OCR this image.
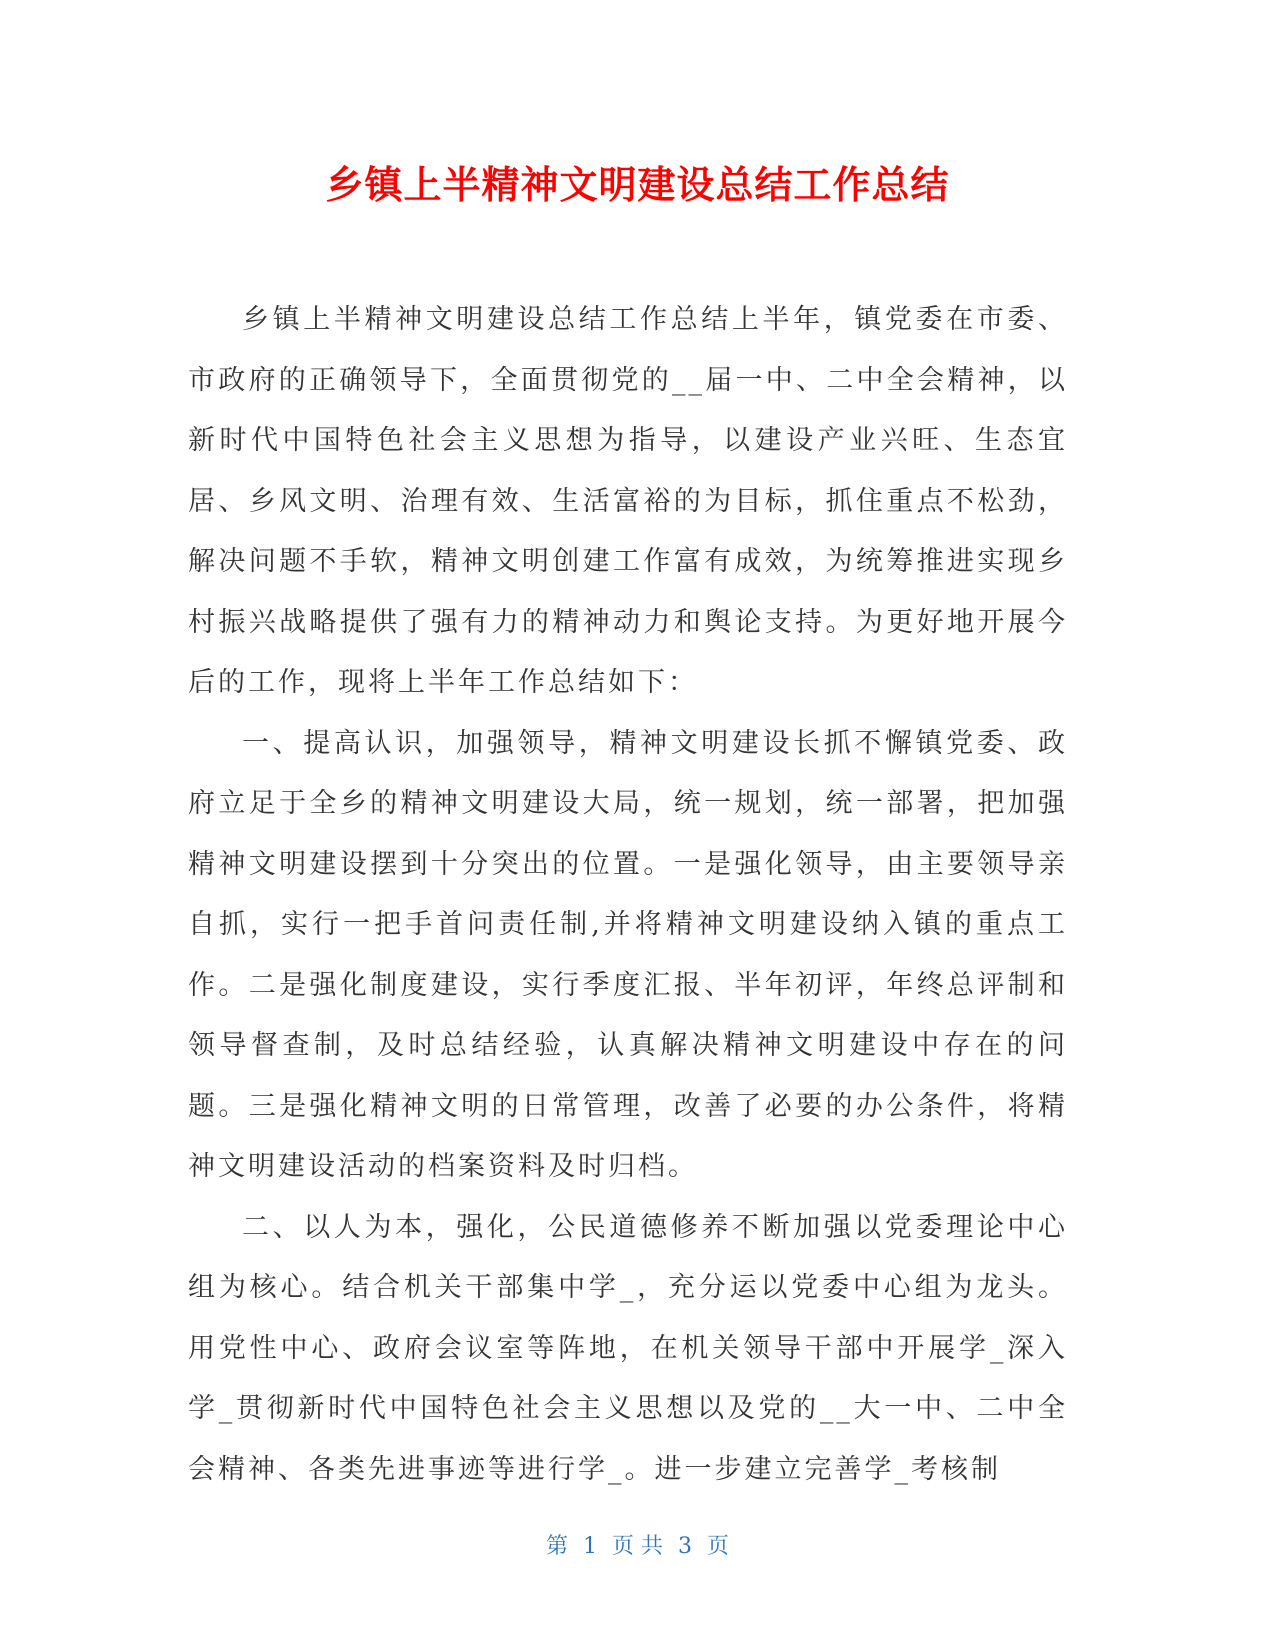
乡镇上半精神文明建设总结工作总结

乡镇上半精神文明建设总结工作总结上半年，镇党委在市委、市政府的正确领导下，全面贯彻党的__届一中、二中全会精神，以新时代中国特色社会主义思想为指导，以建设产业兴旺、生态宜居、乡风文明、治理有效、生活富裕的为目标，抓住重点不松劲，解决问题不手软，精神文明创建工作富有成效，为统筹推进实现乡村振兴战略提供了强有力的精神动力和舆论支持。为更好地开展今后的工作，现将上半年工作总结如下：

一、提高认识，加强领导，精神文明建设长抓不懈镇党委、政府立足于全乡的精神文明建设大局，统一规划，统一部署，把加强精神文明建设摆到十分突出的位置。一是强化领导，由主要领导亲自抓，实行一把手首问责任制,并将精神文明建设纳入镇的重点工作。二是强化制度建设，实行季度汇报、半年初评，年终总评制和领导督查制，及时总结经验，认真解决精神文明建设中存在的问题。三是强化精神文明的日常管理，改善了必要的办公条件，将精神文明建设活动的档案资料及时归档。

二、以人为本，强化，公民道德修养不断加强以党委理论中心组为核心。结合机关干部集中学_，充分运以党委中心组为龙头。用党性中心、政府会议室等阵地，在机关领导干部中开展学_深入学_贯彻新时代中国特色社会主义思想以及党的__大一中、二中全会精神、各类先进事迹等进行学_。进一步建立完善学_考核制

第 1 页 共 3 页
